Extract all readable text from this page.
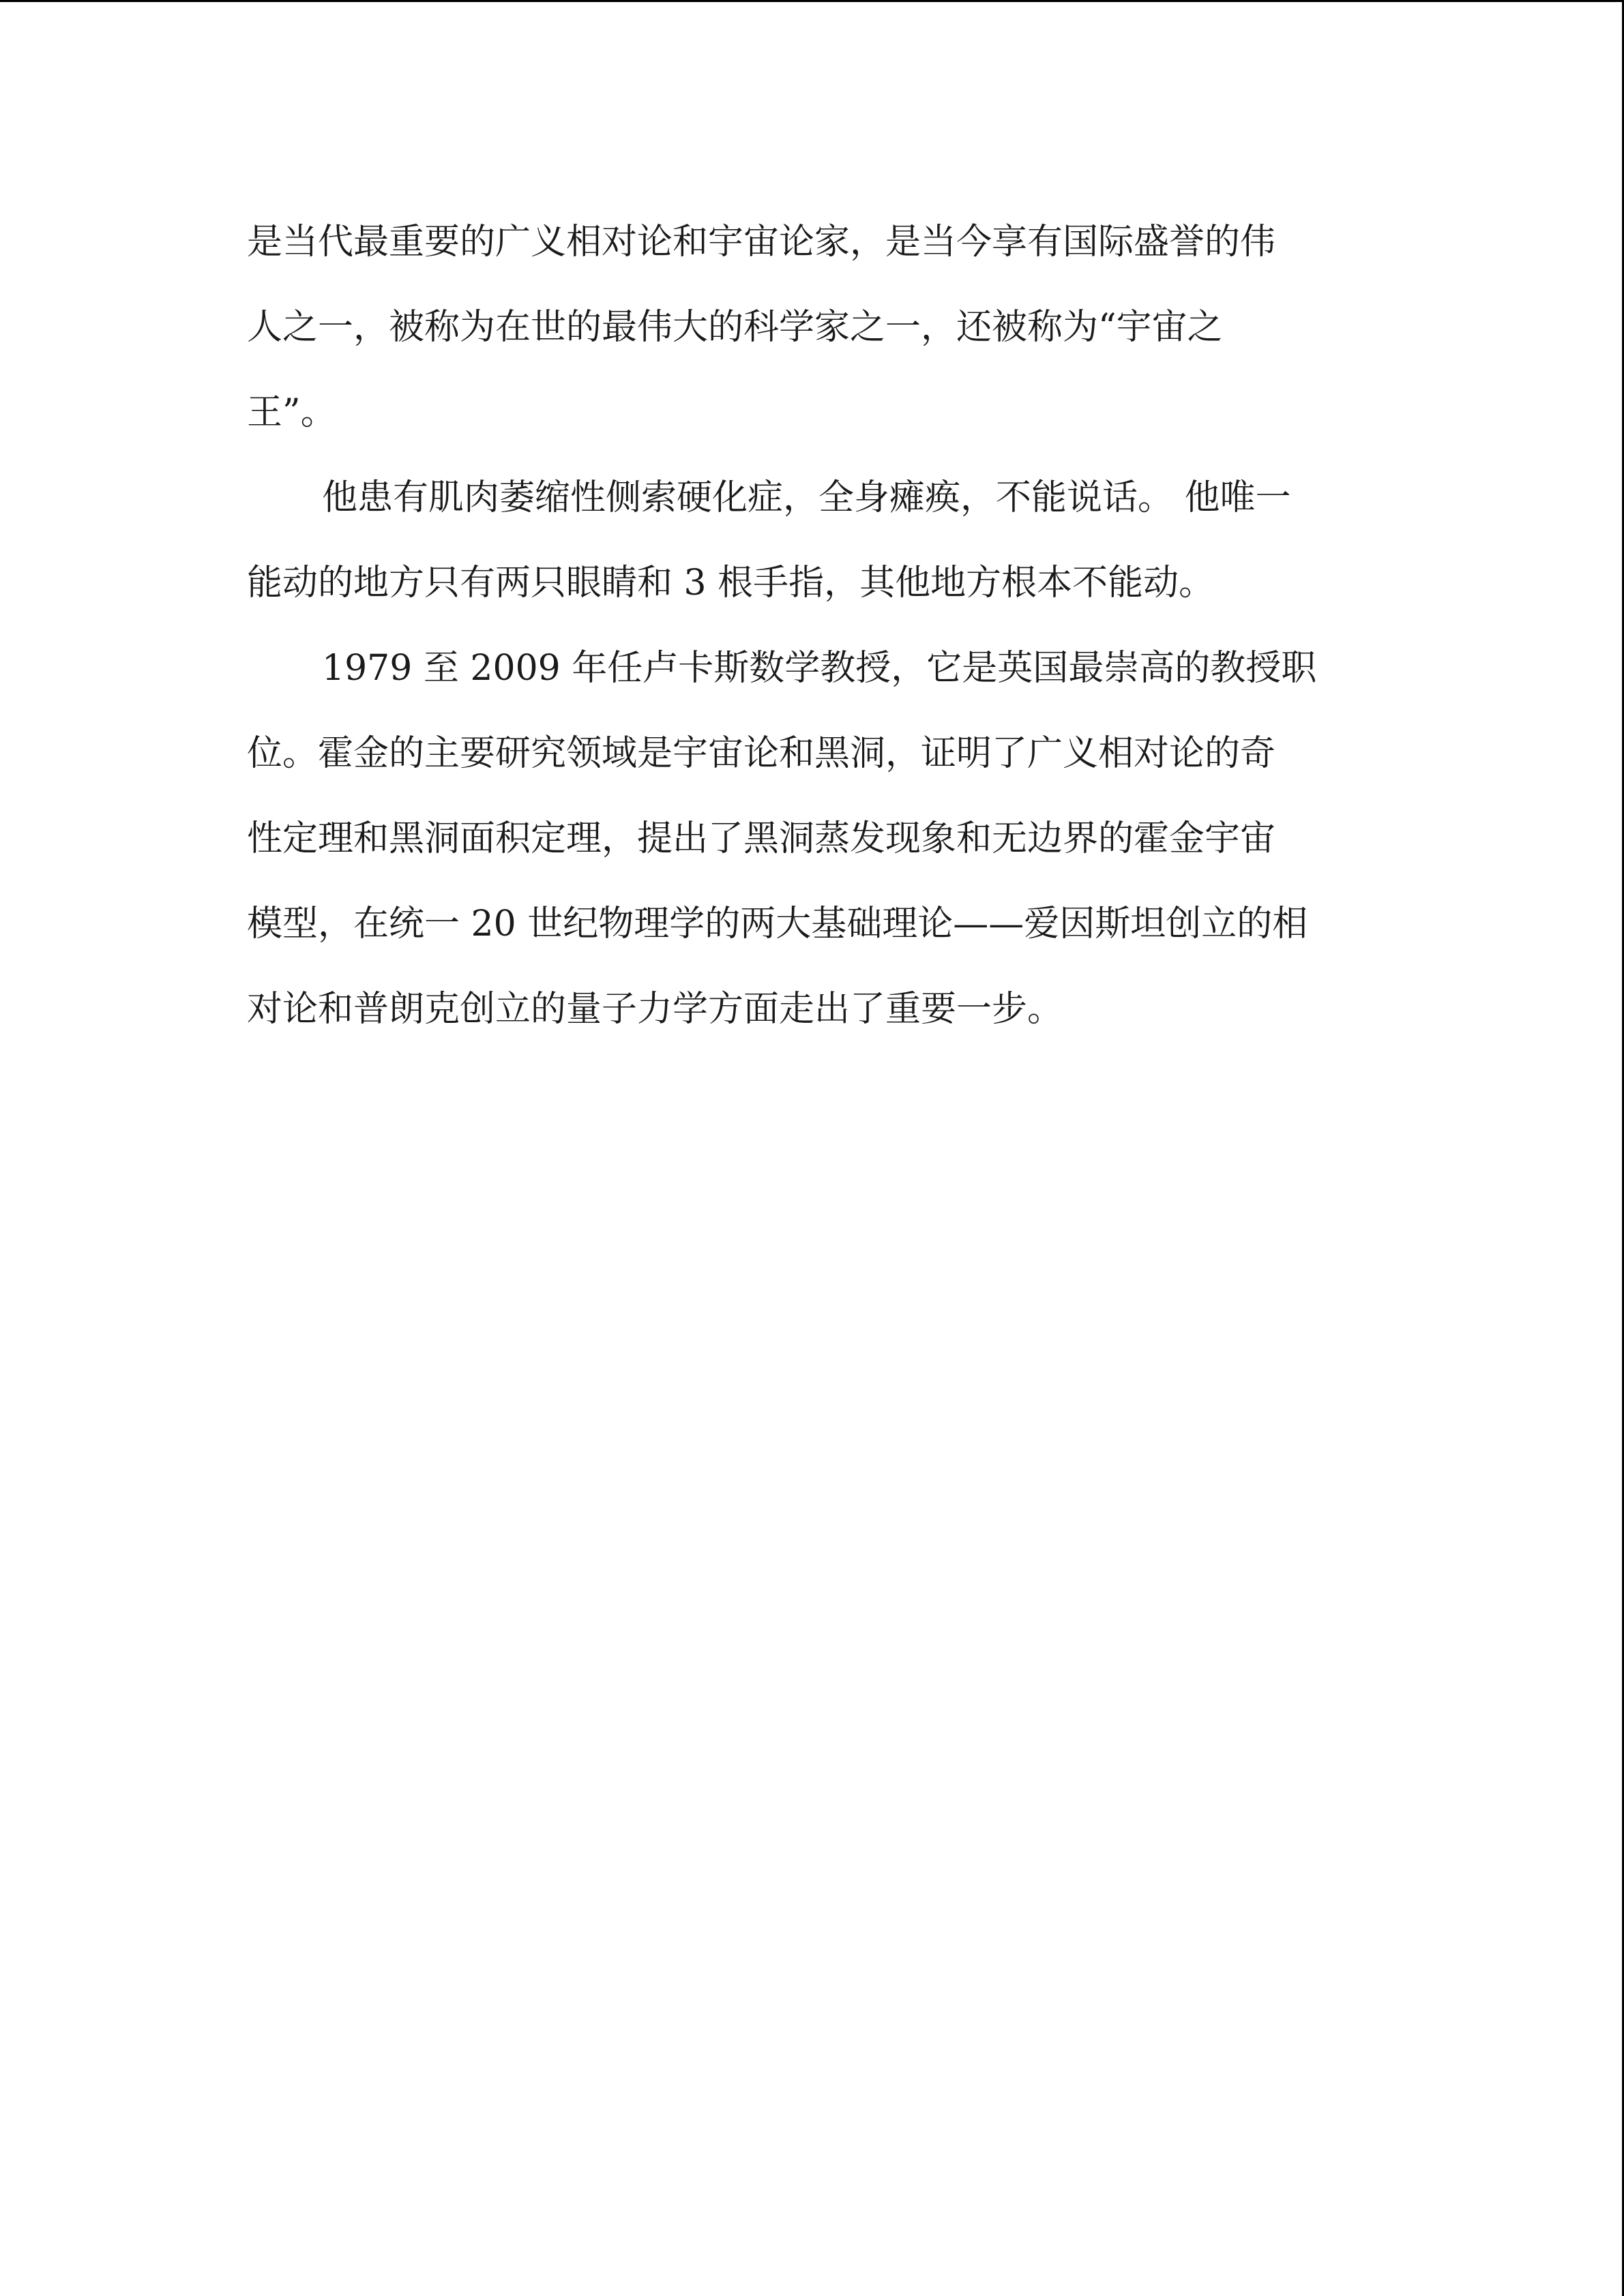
是当代最重要的广义相对论和宇宙论家，是当今享有国际盛誉的伟
人之一，被称为在世的最伟大的科学家之一，还被称为“宇宙之
王”。
他患有肌肉萎缩性侧索硬化症，全身瘫痪，不能说话。 他唯一
能动的地方只有两只眼睛和 3 根手指，其他地方根本不能动。
1979 至 2009 年任卢卡斯数学教授，它是英国最崇高的教授职
位。霍金的主要研究领域是宇宙论和黑洞，证明了广义相对论的奇
性定理和黑洞面积定理，提出了黑洞蒸发现象和无边界的霍金宇宙
模型，在统一 20 世纪物理学的两大基础理论——爱因斯坦创立的相
对论和普朗克创立的量子力学方面走出了重要一步。
